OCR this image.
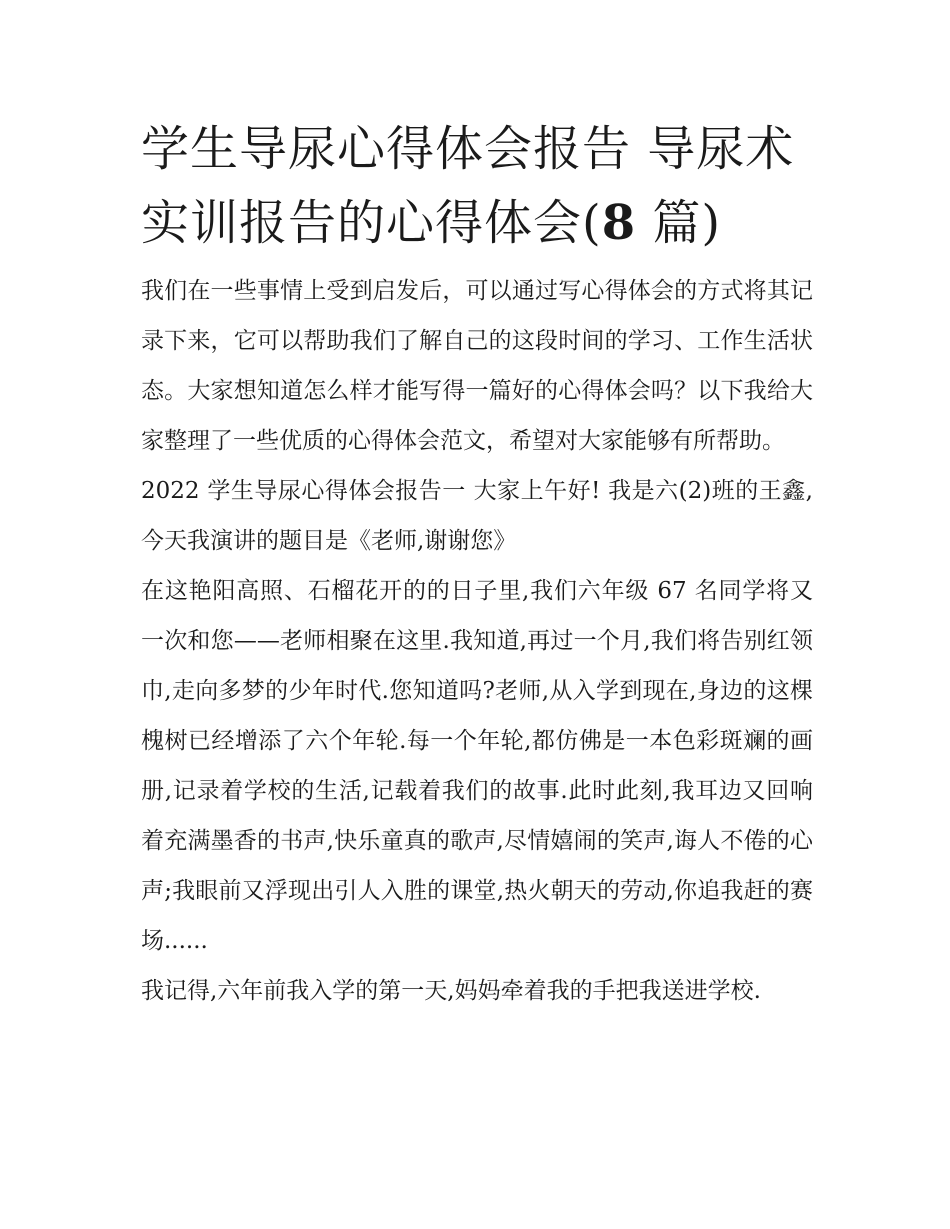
学生导尿心得体会报告 导尿术实训报告的心得体会(8 篇)

我们在一些事情上受到启发后，可以通过写心得体会的方式将其记录下来，它可以帮助我们了解自己的这段时间的学习、工作生活状态。大家想知道怎么样才能写得一篇好的心得体会吗？以下我给大家整理了一些优质的心得体会范文，希望对大家能够有所帮助。

2022 学生导尿心得体会报告一 大家上午好! 我是六(2)班的王鑫,今天我演讲的题目是《老师,谢谢您》

在这艳阳高照、石榴花开的的日子里,我们六年级 67 名同学将又一次和您——老师相聚在这里.我知道,再过一个月,我们将告别红领巾,走向多梦的少年时代.您知道吗?老师,从入学到现在,身边的这棵槐树已经增添了六个年轮.每一个年轮,都仿佛是一本色彩斑斓的画册,记录着学校的生活,记载着我们的故事.此时此刻,我耳边又回响着充满墨香的书声,快乐童真的歌声,尽情嬉闹的笑声,诲人不倦的心声;我眼前又浮现出引人入胜的课堂,热火朝天的劳动,你追我赶的赛场......

我记得,六年前我入学的第一天,妈妈牵着我的手把我送进学校.
